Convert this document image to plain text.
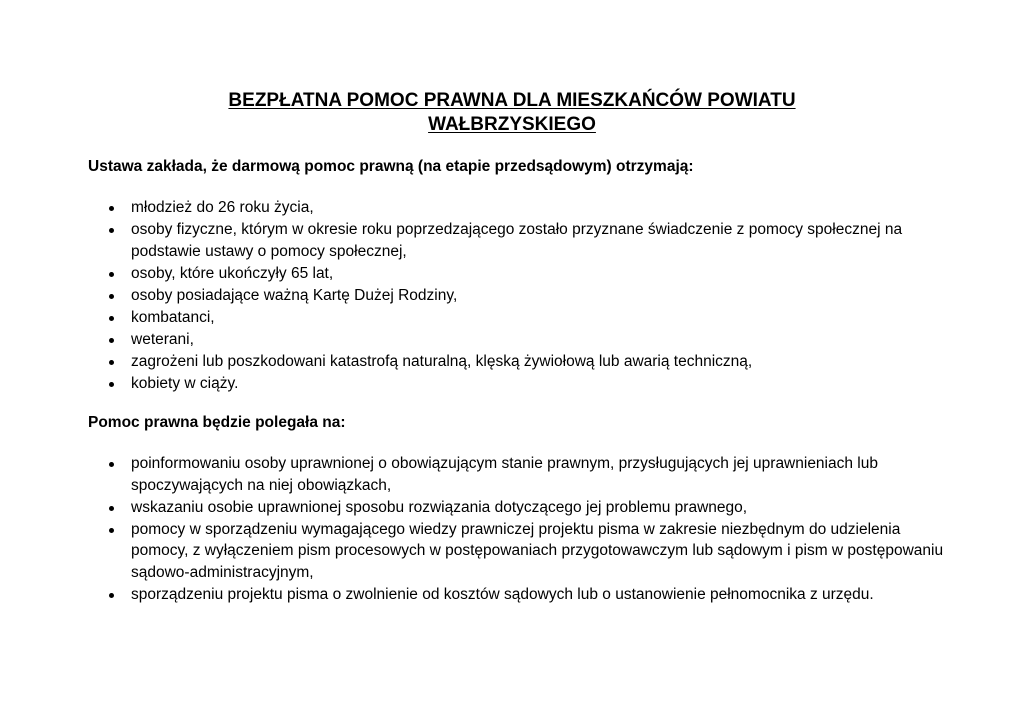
BEZPŁATNA POMOC PRAWNA DLA MIESZKAŃCÓW POWIATU
WAŁBRZYSKIEGO
Ustawa zakłada, że darmową pomoc prawną (na etapie przedsądowym) otrzymają:
młodzież do 26 roku życia,
osoby fizyczne, którym w okresie roku poprzedzającego zostało przyznane świadczenie z pomocy społecznej na podstawie ustawy o pomocy społecznej,
osoby, które ukończyły 65 lat,
osoby posiadające ważną Kartę Dużej Rodziny,
kombatanci,
weterani,
zagrożeni lub poszkodowani katastrofą naturalną, klęską żywiołową lub awarią techniczną,
kobiety w ciąży.
Pomoc prawna będzie polegała na:
poinformowaniu osoby uprawnionej o obowiązującym stanie prawnym, przysługujących jej uprawnieniach lub spoczywających na niej obowiązkach,
wskazaniu osobie uprawnionej sposobu rozwiązania dotyczącego jej problemu prawnego,
pomocy w sporządzeniu wymagającego wiedzy prawniczej projektu pisma w zakresie niezbędnym do udzielenia pomocy, z wyłączeniem pism procesowych w postępowaniach przygotowawczym lub sądowym i pism w postępowaniu sądowo-administracyjnym,
sporządzeniu projektu pisma o zwolnienie od kosztów sądowych lub o ustanowienie pełnomocnika z urzędu.
